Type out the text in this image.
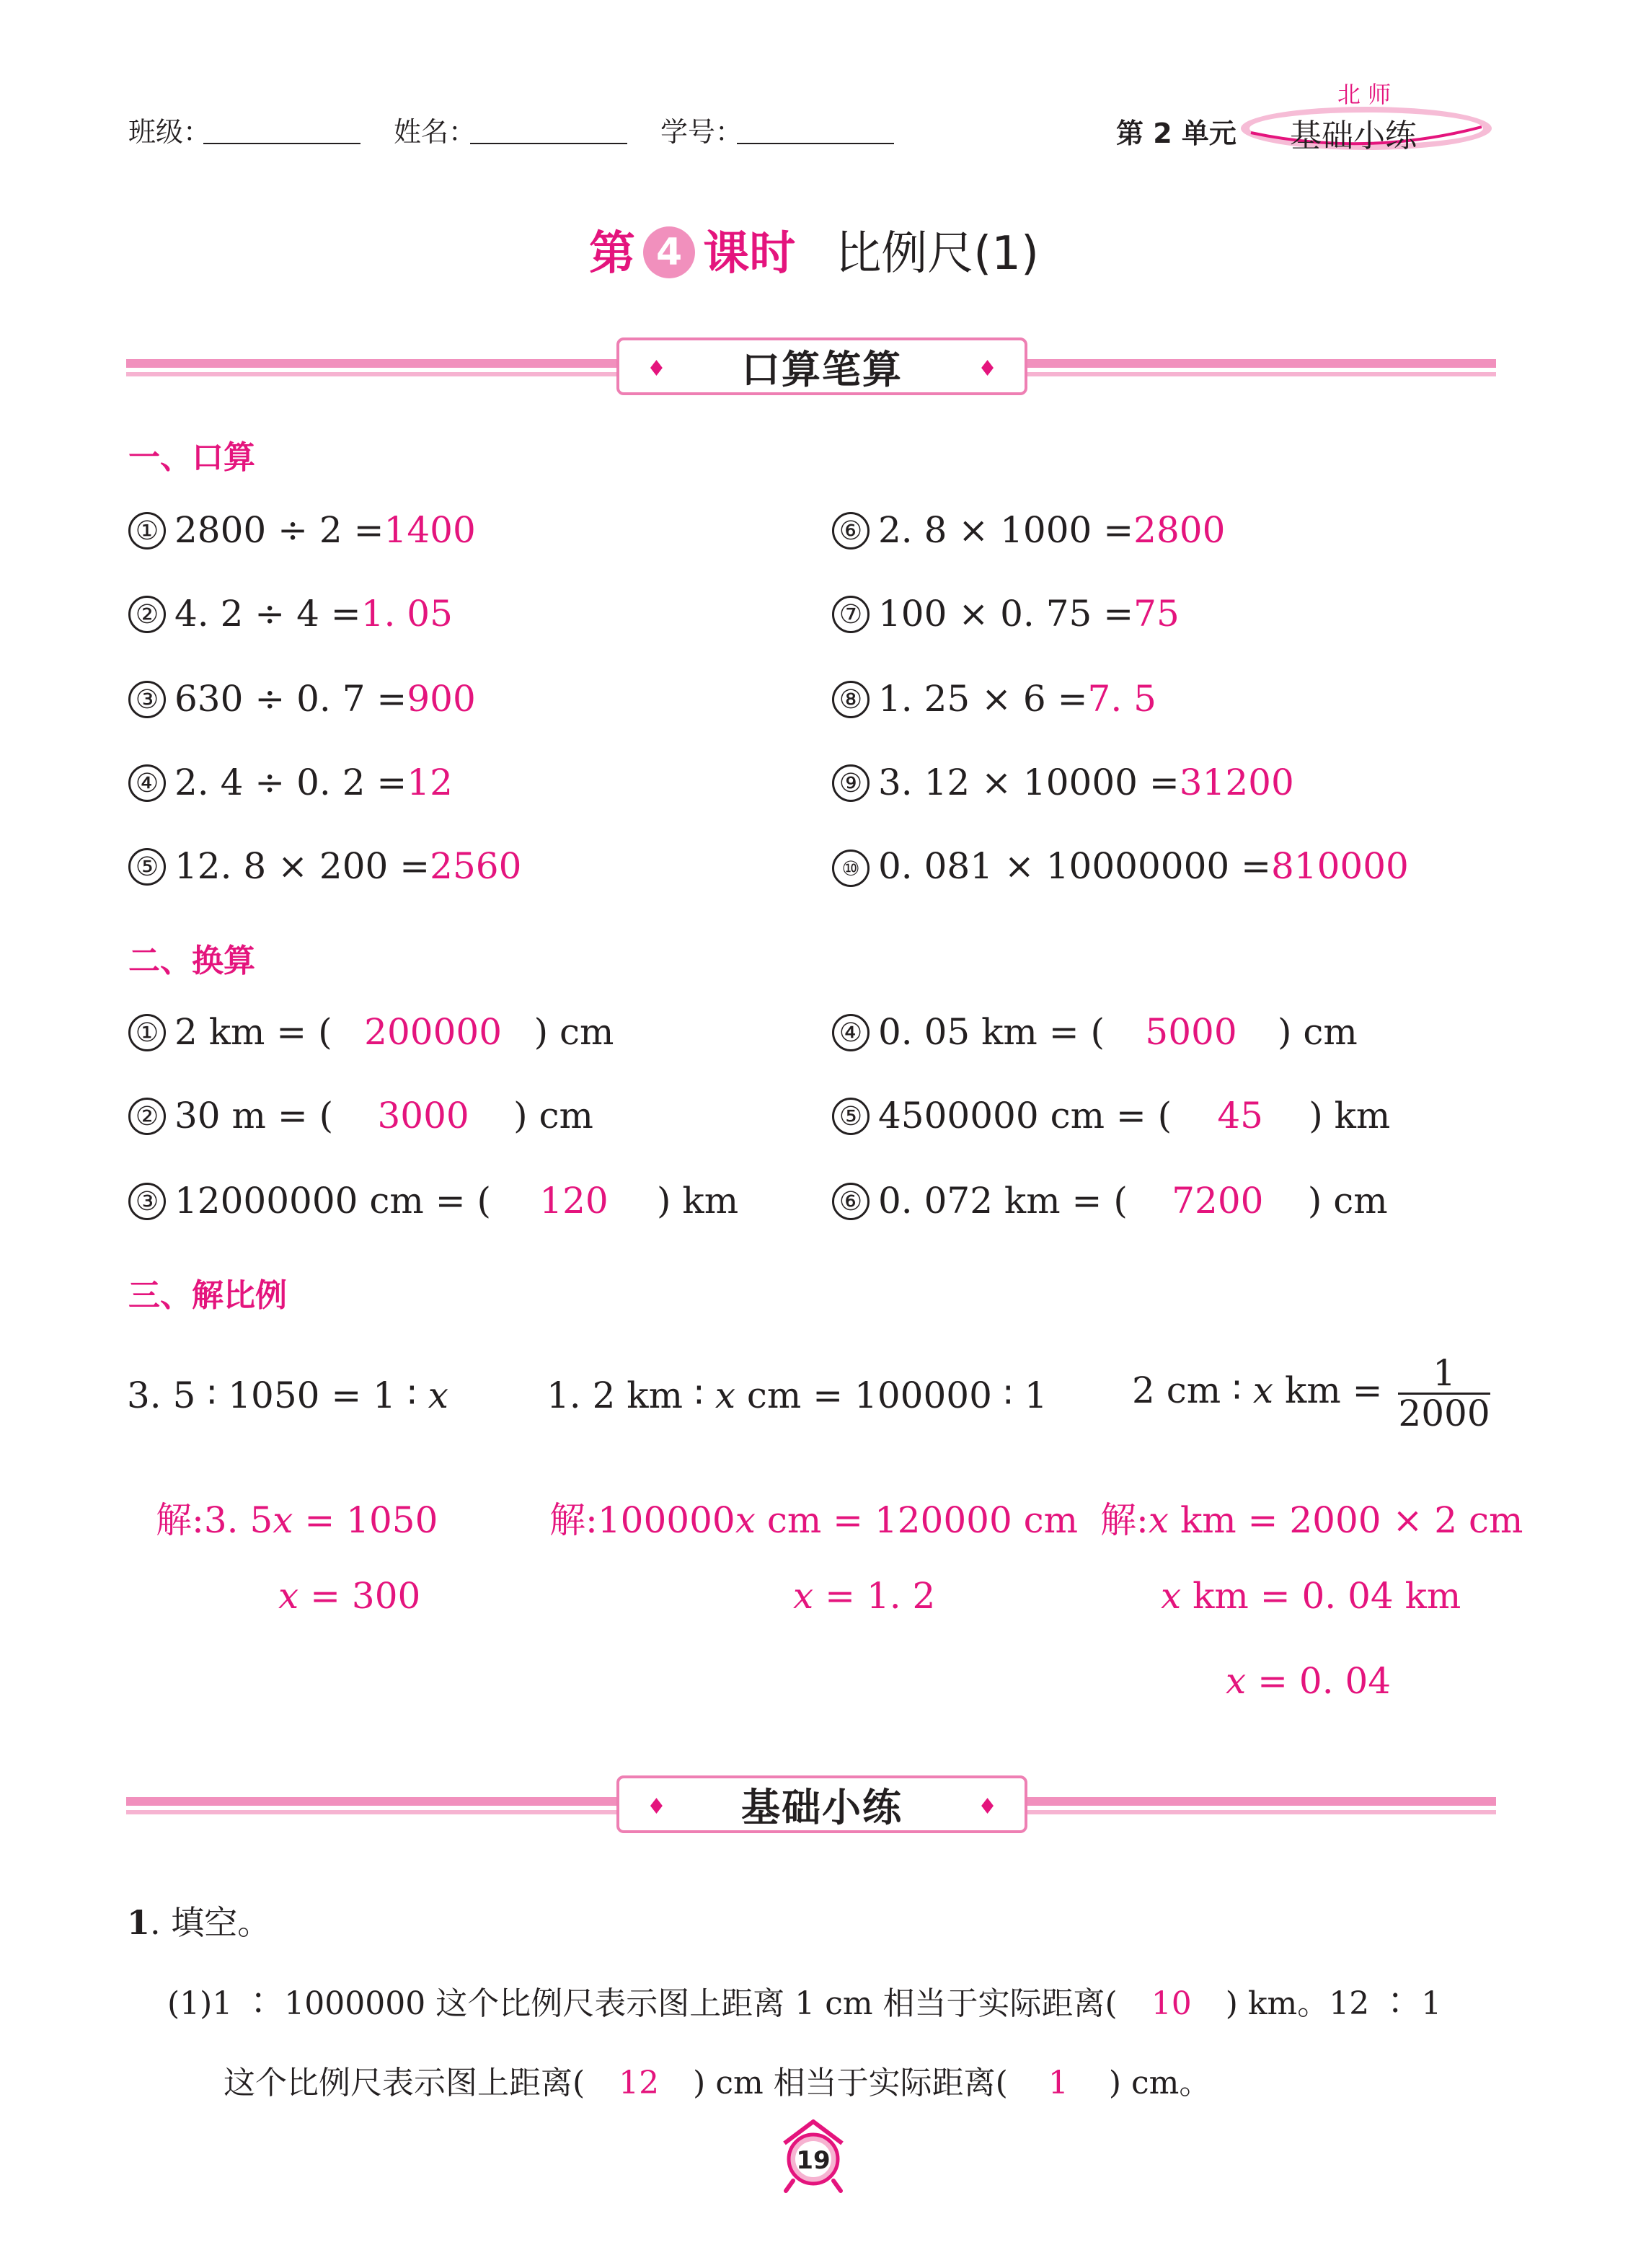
班级：	姓名：	学号：	第 2 单元
北 师
基础小练
第 4 课时 比例尺(1)
♦ 口算笔算	♦
一、口算
① 2800 ÷ 2 =1400
② 4. 2 ÷ 4 =1. 05
③ 630 ÷ 0. 7 =900
④ 2. 4 ÷ 0. 2 =12
⑤ 12. 8 × 200 =2560
⑥ 2. 8 × 1000 =2800
⑦ 100 × 0. 75 =75
⑧ 1. 25 × 6 =7. 5
⑨ 3. 12 × 10000 =31200
⑩ 0. 081 × 10000000 =810000
二、换算
① 2 km = ( 200000 ) cm
② 30 m = ( 3000 ) cm
③ 12000000 cm = ( 120 ) km
④ 0. 05 km = ( 5000 ) cm
⑤ 4500000 cm = ( 45 ) km
⑥ 0. 072 km = ( 7200 ) cm
三、解比例
3. 5 ∶ 1050 = 1 ∶ x
解:3. 5x = 1050
x = 300
1. 2 km ∶ x cm = 100000 ∶ 1
解:100000x cm = 120000 cm
x = 1. 2
2 cm ∶ x km = $\frac{1}{2000}$
解:x km = 2000 × 2 cm
x km = 0. 04 km
x = 0. 04
♦ 基础小练	♦
1. 填空。
(1)1 ∶ 1000000 这个比例尺表示图上距离 1 cm 相当于实际距离( 10 ) km。12 ∶ 1
这个比例尺表示图上距离( 12 ) cm 相当于实际距离( 1 ) cm。
19
